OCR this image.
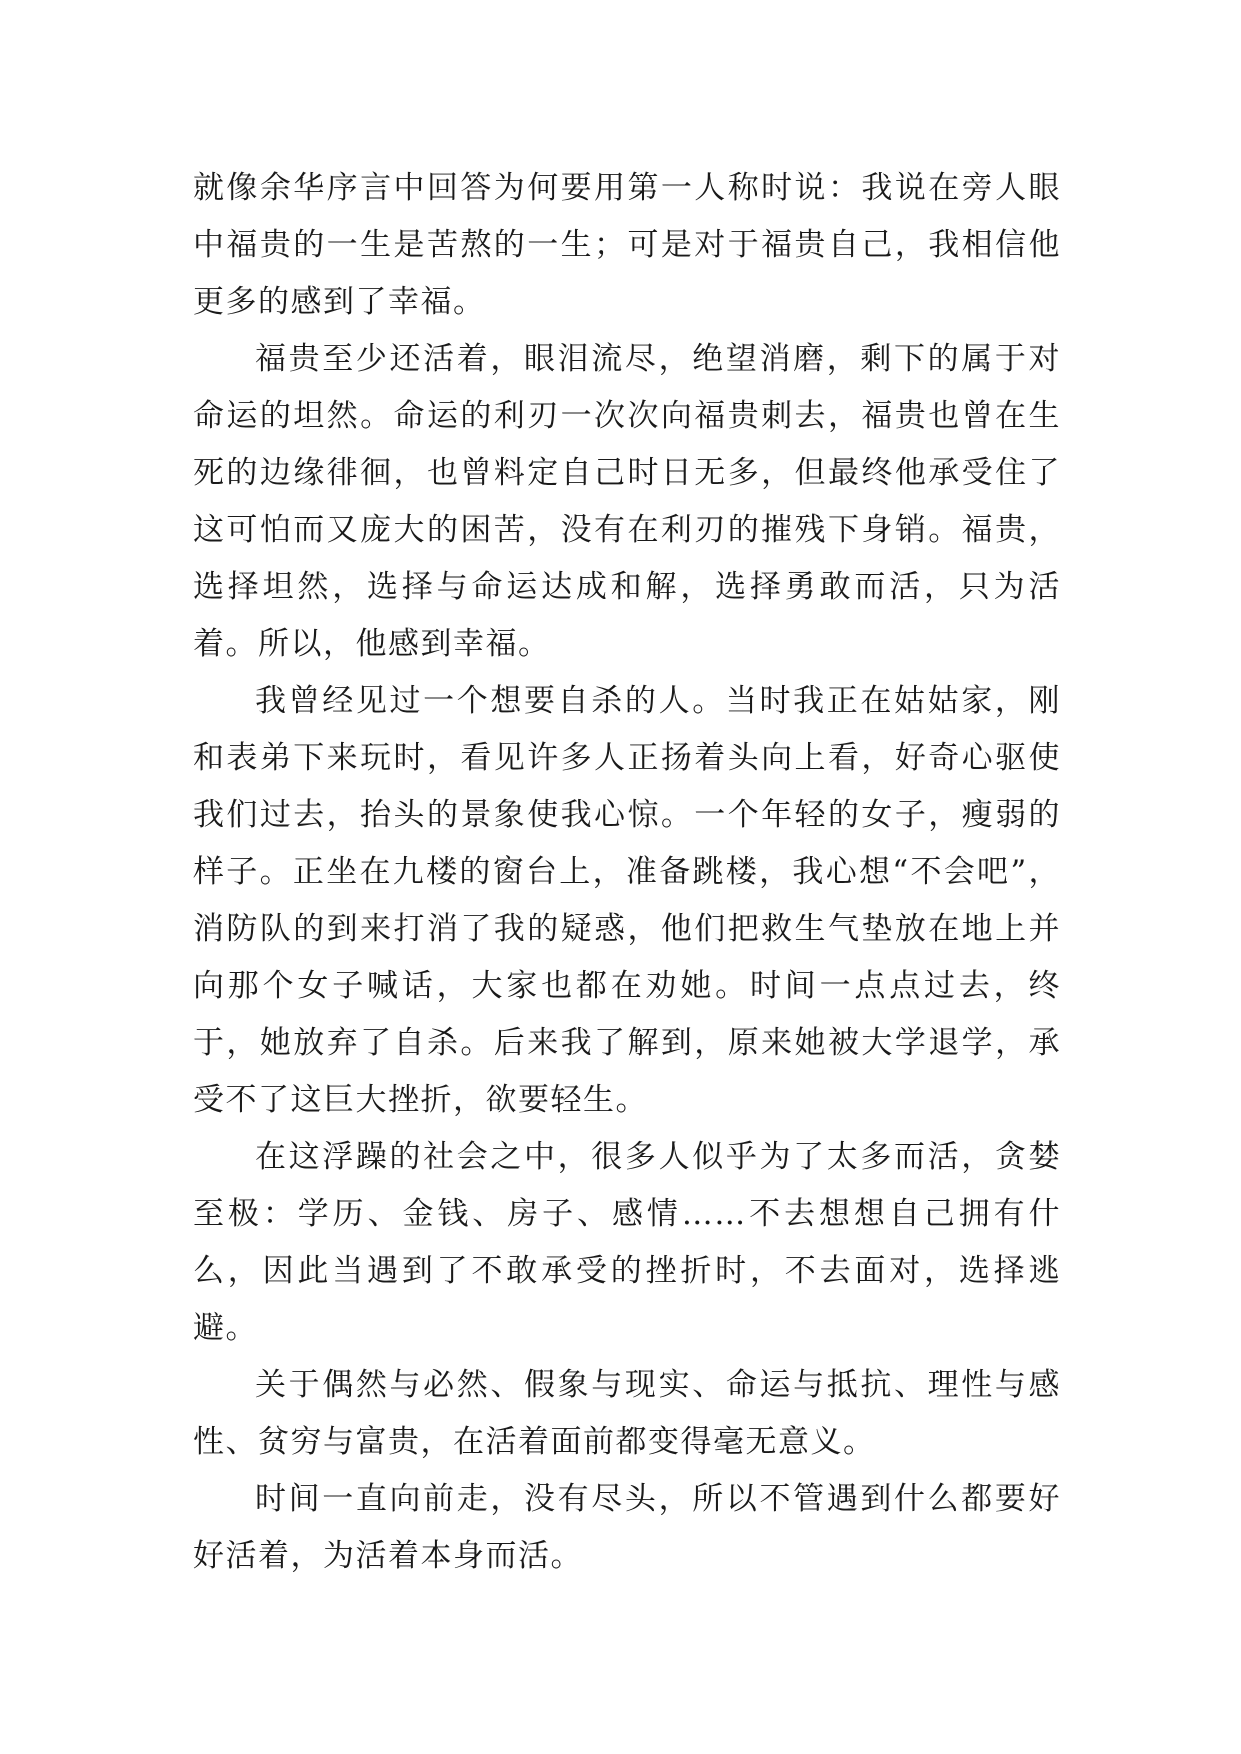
就像余华序言中回答为何要用第一人称时说：我说在旁人眼中福贵的一生是苦熬的一生；可是对于福贵自己，我相信他更多的感到了幸福。

福贵至少还活着，眼泪流尽，绝望消磨，剩下的属于对命运的坦然。命运的利刃一次次向福贵刺去，福贵也曾在生死的边缘徘徊，也曾料定自己时日无多，但最终他承受住了这可怕而又庞大的困苦，没有在利刃的摧残下身销。福贵，选择坦然，选择与命运达成和解，选择勇敢而活，只为活着。所以，他感到幸福。

我曾经见过一个想要自杀的人。当时我正在姑姑家，刚和表弟下来玩时，看见许多人正扬着头向上看，好奇心驱使我们过去，抬头的景象使我心惊。一个年轻的女子，瘦弱的样子。正坐在九楼的窗台上，准备跳楼，我心想“不会吧”，消防队的到来打消了我的疑惑，他们把救生气垫放在地上并向那个女子喊话，大家也都在劝她。时间一点点过去，终于，她放弃了自杀。后来我了解到，原来她被大学退学，承受不了这巨大挫折，欲要轻生。

在这浮躁的社会之中，很多人似乎为了太多而活，贪婪至极：学历、金钱、房子、感情……不去想想自己拥有什么，因此当遇到了不敢承受的挫折时，不去面对，选择逃避。

关于偶然与必然、假象与现实、命运与抵抗、理性与感性、贫穷与富贵，在活着面前都变得毫无意义。

时间一直向前走，没有尽头，所以不管遇到什么都要好好活着，为活着本身而活。
